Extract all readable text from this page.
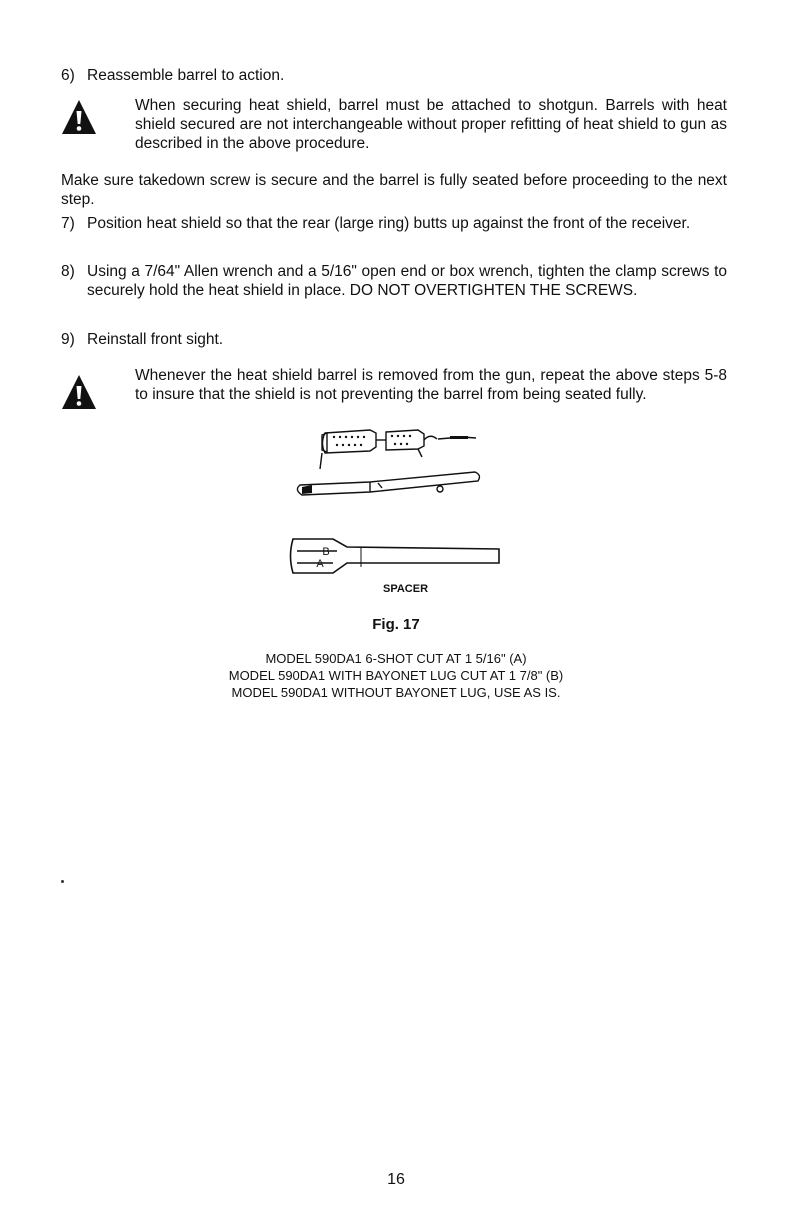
6) Reassemble barrel to action.
When securing heat shield, barrel must be attached to shotgun. Barrels with heat shield secured are not interchangeable without proper refitting of heat shield to gun as described in the above procedure.
Make sure takedown screw is secure and the barrel is fully seated before proceeding to the next step.
7) Position heat shield so that the rear (large ring) butts up against the front of the receiver.
8) Using a 7/64" Allen wrench and a 5/16" open end or box wrench, tighten the clamp screws to securely hold the heat shield in place. DO NOT OVERTIGHTEN THE SCREWS.
9) Reinstall front sight.
Whenever the heat shield barrel is removed from the gun, repeat the above steps 5-8 to insure that the shield is not preventing the barrel from being seated fully.
B
A
SPACER
Fig. 17
MODEL 590DA1 6-SHOT CUT AT 1 5/16" (A)
MODEL 590DA1 WITH BAYONET LUG CUT AT 1 7/8" (B)
MODEL 590DA1 WITHOUT BAYONET LUG, USE AS IS.
16
